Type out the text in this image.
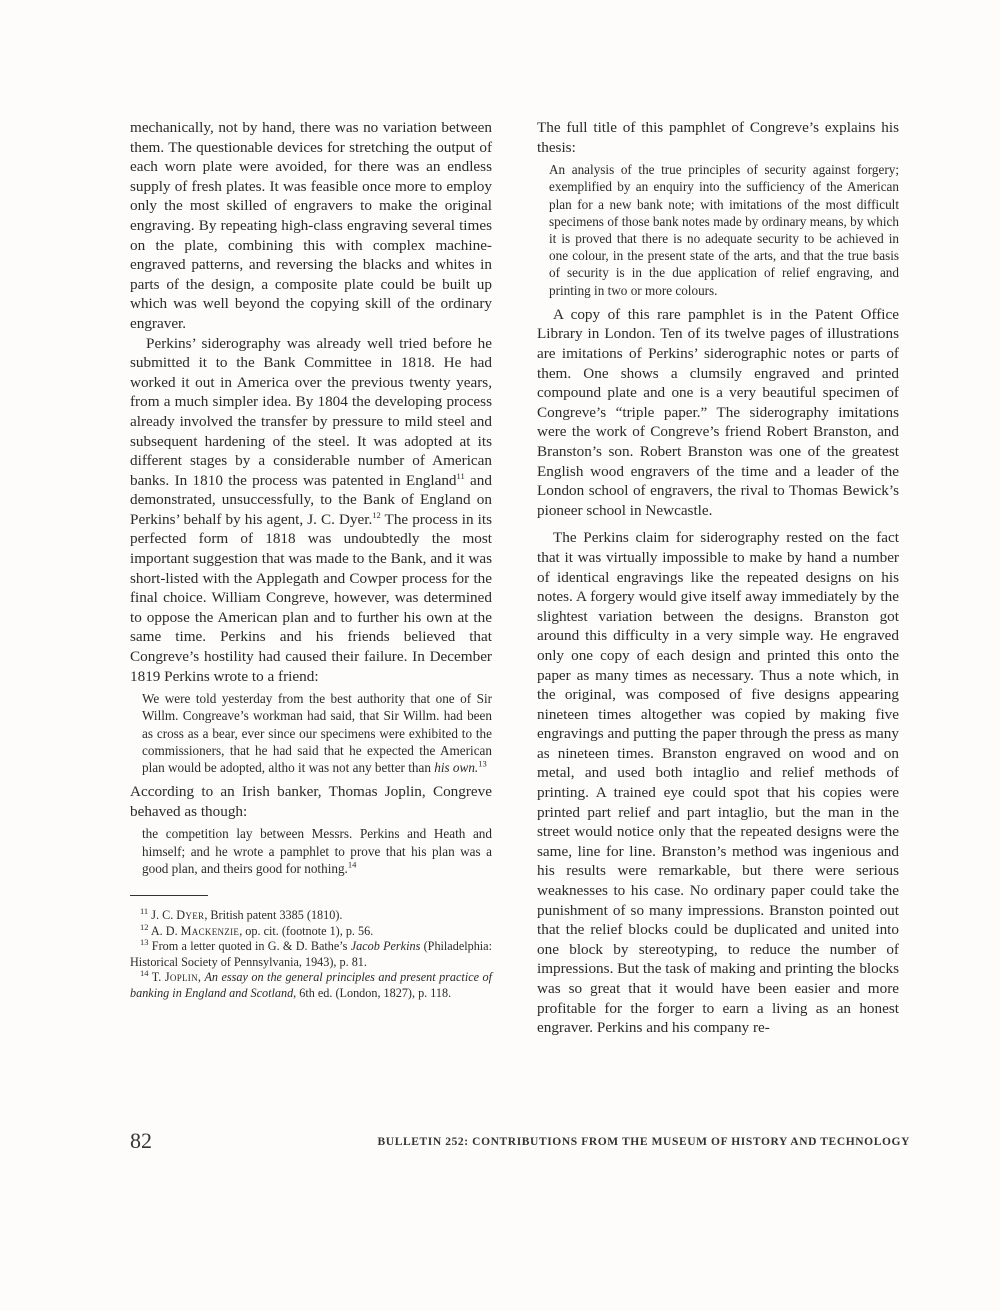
mechanically, not by hand, there was no variation between them. The questionable devices for stretching the output of each worn plate were avoided, for there was an endless supply of fresh plates. It was feasible once more to employ only the most skilled of engravers to make the original engraving. By repeating high-class engraving several times on the plate, combining this with complex machine-engraved patterns, and reversing the blacks and whites in parts of the design, a composite plate could be built up which was well beyond the copying skill of the ordinary engraver.

Perkins’ siderography was already well tried before he submitted it to the Bank Committee in 1818. He had worked it out in America over the previous twenty years, from a much simpler idea. By 1804 the developing process already involved the transfer by pressure to mild steel and subsequent hardening of the steel. It was adopted at its different stages by a considerable number of American banks. In 1810 the process was patented in England$^{11}$ and demonstrated, unsuccessfully, to the Bank of England on Perkins’ behalf by his agent, J. C. Dyer.$^{12}$ The process in its perfected form of 1818 was undoubtedly the most important suggestion that was made to the Bank, and it was short-listed with the Applegath and Cowper process for the final choice. William Congreve, however, was determined to oppose the American plan and to further his own at the same time. Perkins and his friends believed that Congreve’s hostility had caused their failure. In December 1819 Perkins wrote to a friend:

We were told yesterday from the best authority that one of Sir Willm. Congreave’s workman had said, that Sir Willm. had been as cross as a bear, ever since our specimens were exhibited to the commissioners, that he had said that he expected the American plan would be adopted, altho it was not any better than his own.$^{13}$

According to an Irish banker, Thomas Joplin, Congreve behaved as though:

the competition lay between Messrs. Perkins and Heath and himself; and he wrote a pamphlet to prove that his plan was a good plan, and theirs good for nothing.$^{14}$

$^{11}$ J. C. Dyer, British patent 3385 (1810).

$^{12}$ A. D. Mackenzie, op. cit. (footnote 1), p. 56.

$^{13}$ From a letter quoted in G. & D. Bathe’s Jacob Perkins (Philadelphia: Historical Society of Pennsylvania, 1943), p. 81.

$^{14}$ T. Joplin, An essay on the general principles and present practice of banking in England and Scotland, 6th ed. (London, 1827), p. 118.

The full title of this pamphlet of Congreve’s explains his thesis:

An analysis of the true principles of security against forgery; exemplified by an enquiry into the sufficiency of the American plan for a new bank note; with imitations of the most difficult specimens of those bank notes made by ordinary means, by which it is proved that there is no adequate security to be achieved in one colour, in the present state of the arts, and that the true basis of security is in the due application of relief engraving, and printing in two or more colours.

A copy of this rare pamphlet is in the Patent Office Library in London. Ten of its twelve pages of illustrations are imitations of Perkins’ siderographic notes or parts of them. One shows a clumsily engraved and printed compound plate and one is a very beautiful specimen of Congreve’s “triple paper.” The siderography imitations were the work of Congreve’s friend Robert Branston, and Branston’s son. Robert Branston was one of the greatest English wood engravers of the time and a leader of the London school of engravers, the rival to Thomas Bewick’s pioneer school in Newcastle.

The Perkins claim for siderography rested on the fact that it was virtually impossible to make by hand a number of identical engravings like the repeated designs on his notes. A forgery would give itself away immediately by the slightest variation between the designs. Branston got around this difficulty in a very simple way. He engraved only one copy of each design and printed this onto the paper as many times as necessary. Thus a note which, in the original, was composed of five designs appearing nineteen times altogether was copied by making five engravings and putting the paper through the press as many as nineteen times. Branston engraved on wood and on metal, and used both intaglio and relief methods of printing. A trained eye could spot that his copies were printed part relief and part intaglio, but the man in the street would notice only that the repeated designs were the same, line for line. Branston’s method was ingenious and his results were remarkable, but there were serious weaknesses to his case. No ordinary paper could take the punishment of so many impressions. Branston pointed out that the relief blocks could be duplicated and united into one block by stereotyping, to reduce the number of impressions. But the task of making and printing the blocks was so great that it would have been easier and more profitable for the forger to earn a living as an honest engraver. Perkins and his company re-

82	BULLETIN 252: CONTRIBUTIONS FROM THE MUSEUM OF HISTORY AND TECHNOLOGY
